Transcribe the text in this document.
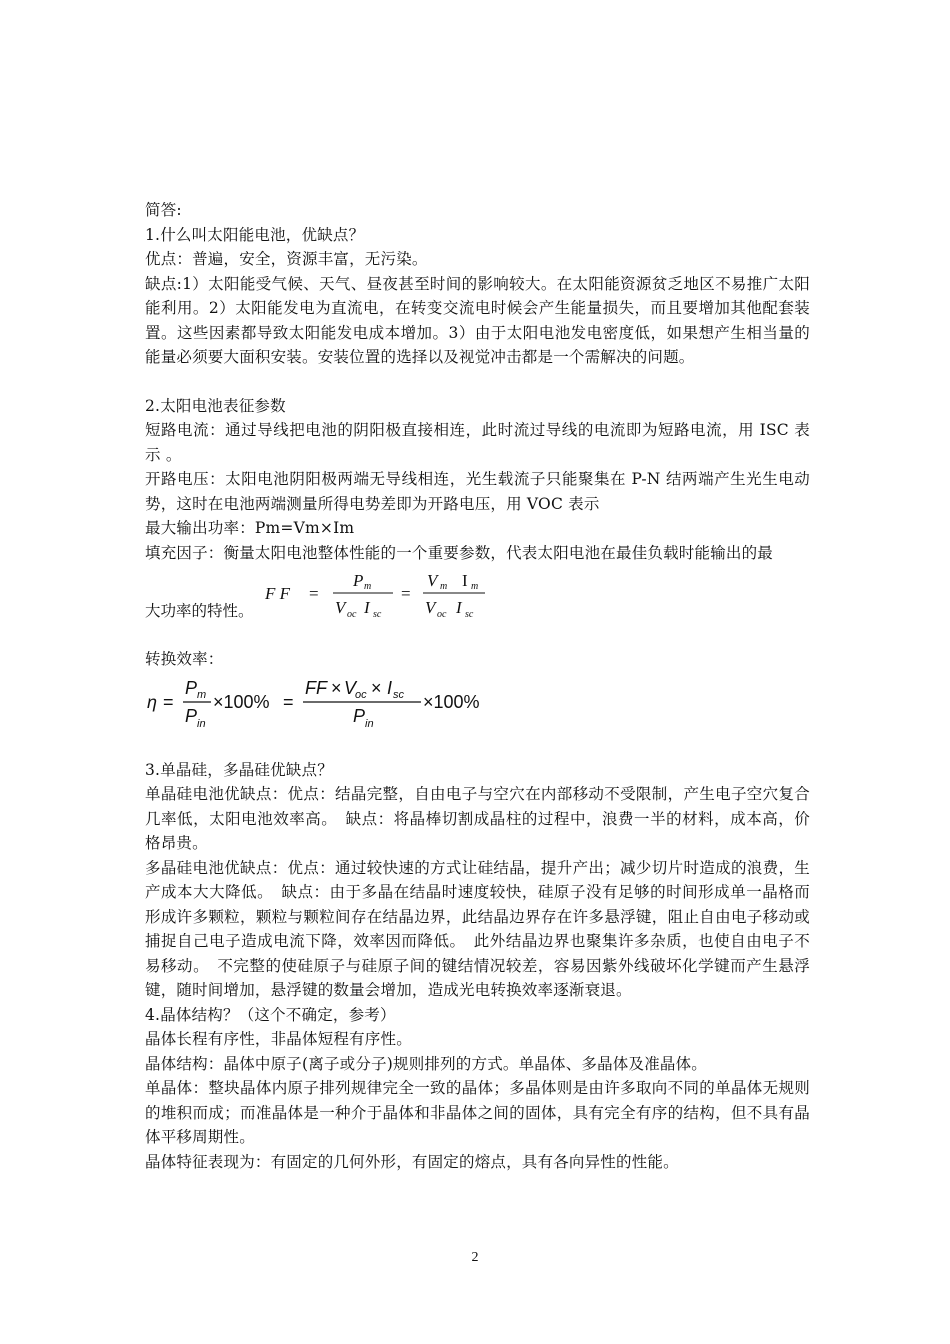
简答:
1.什么叫太阳能电池，优缺点？
优点：普遍，安全，资源丰富，无污染。
缺点:1）太阳能受气候、天气、昼夜甚至时间的影响较大。在太阳能资源贫乏地区不易推广太阳能利用。2）太阳能发电为直流电，在转变交流电时候会产生能量损失，而且要增加其他配套装置。这些因素都导致太阳能发电成本增加。3）由于太阳电池发电密度低，如果想产生相当量的能量必须要大面积安装。安装位置的选择以及视觉冲击都是一个需解决的问题。
2.太阳电池表征参数
短路电流：通过导线把电池的阴阳极直接相连，此时流过导线的电流即为短路电流，用 ISC 表示 。
开路电压：太阳电池阴阳极两端无导线相连，光生载流子只能聚集在 P-N 结两端产生光生电动势，这时在电池两端测量所得电势差即为开路电压，用 VOC 表示
最大输出功率：Pm=Vm×Im
填充因子：衡量太阳电池整体性能的一个重要参数，代表太阳电池在最佳负载时能输出的最
大功率的特性。
F F =
P m
V oc I sc
=
V m I m
V oc I sc
转换效率：
η =
P m
P in
×100% =
FF × V
oc × I sc
P in
×100%
3.单晶硅，多晶硅优缺点？
单晶硅电池优缺点：优点：结晶完整，自由电子与空穴在内部移动不受限制，产生电子空穴复合几率低，太阳电池效率高。　缺点：将晶棒切割成晶柱的过程中，浪费一半的材料，成本高，价格昂贵。
多晶硅电池优缺点：优点：通过较快速的方式让硅结晶，提升产出；减少切片时造成的浪费，生产成本大大降低。　缺点：由于多晶在结晶时速度较快，硅原子没有足够的时间形成单一晶格而形成许多颗粒，颗粒与颗粒间存在结晶边界，此结晶边界存在许多悬浮键，阻止自由电子移动或捕捉自己电子造成电流下降，效率因而降低。　此外结晶边界也聚集许多杂质，也使自由电子不易移动。　不完整的使硅原子与硅原子间的键结情况较差，容易因紫外线破坏化学键而产生悬浮键，随时间增加，悬浮键的数量会增加，造成光电转换效率逐渐衰退。
4.晶体结构？（这个不确定，参考）
晶体长程有序性，非晶体短程有序性。
晶体结构：晶体中原子(离子或分子)规则排列的方式。单晶体、多晶体及准晶体。
单晶体：整块晶体内原子排列规律完全一致的晶体；多晶体则是由许多取向不同的单晶体无规则的堆积而成；而准晶体是一种介于晶体和非晶体之间的固体，具有完全有序的结构，但不具有晶体平移周期性。
晶体特征表现为：有固定的几何外形，有固定的熔点，具有各向异性的性能。
2
